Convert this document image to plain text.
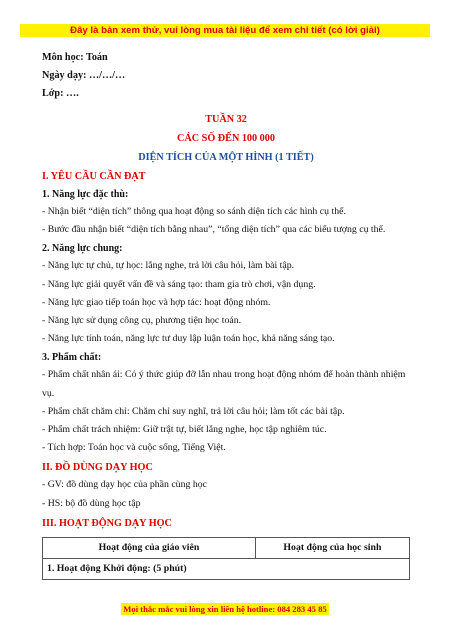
Đây là bản xem thử, vui lòng mua tài liệu để xem chi tiết (có lời giải)
Môn học: Toán
Ngày dạy: …/…/…
Lớp: ….
TUẦN 32
CÁC SỐ ĐẾN 100 000
DIỆN TÍCH CỦA MỘT HÌNH (1 TIẾT)
I. YÊU CẦU CẦN ĐẠT
1. Năng lực đặc thù:
- Nhận biết “diện tích” thông qua hoạt động so sánh diện tích các hình cụ thể.
- Bước đầu nhận biết “diện tích bằng nhau”, “tổng diện tích” qua các biểu tượng cụ thể.
2. Năng lực chung:
- Năng lực tự chủ, tự học: lắng nghe, trả lời câu hỏi, làm bài tập.
- Năng lực giải quyết vấn đề và sáng tạo: tham gia trò chơi, vận dụng.
- Năng lực giao tiếp toán học và hợp tác: hoạt động nhóm.
- Năng lực sử dụng công cụ, phương tiện học toán.
- Năng lực tính toán, năng lực tư duy lập luận toán học, khả năng sáng tạo.
3. Phẩm chất:
- Phẩm chất nhân ái: Có ý thức giúp đỡ lẫn nhau trong hoạt động nhóm để hoàn thành nhiệm vụ.
- Phẩm chất chăm chỉ: Chăm chỉ suy nghĩ, trả lời câu hỏi; làm tốt các bài tập.
- Phẩm chất trách nhiệm: Giữ trật tự, biết lắng nghe, học tập nghiêm túc.
- Tích hợp: Toán học và cuộc sống, Tiếng Việt.
II. ĐỒ DÙNG DẠY HỌC
- GV: đồ dùng dạy học của phần cùng học
- HS: bộ đồ dùng học tập
III. HOẠT ĐỘNG DẠY HỌC
Hoạt động của giáo viên	Hoạt động của học sinh
1. Hoạt động Khởi động: (5 phút)
Mọi thắc mắc vui lòng xin liên hệ hotline: 084 283 45 85
